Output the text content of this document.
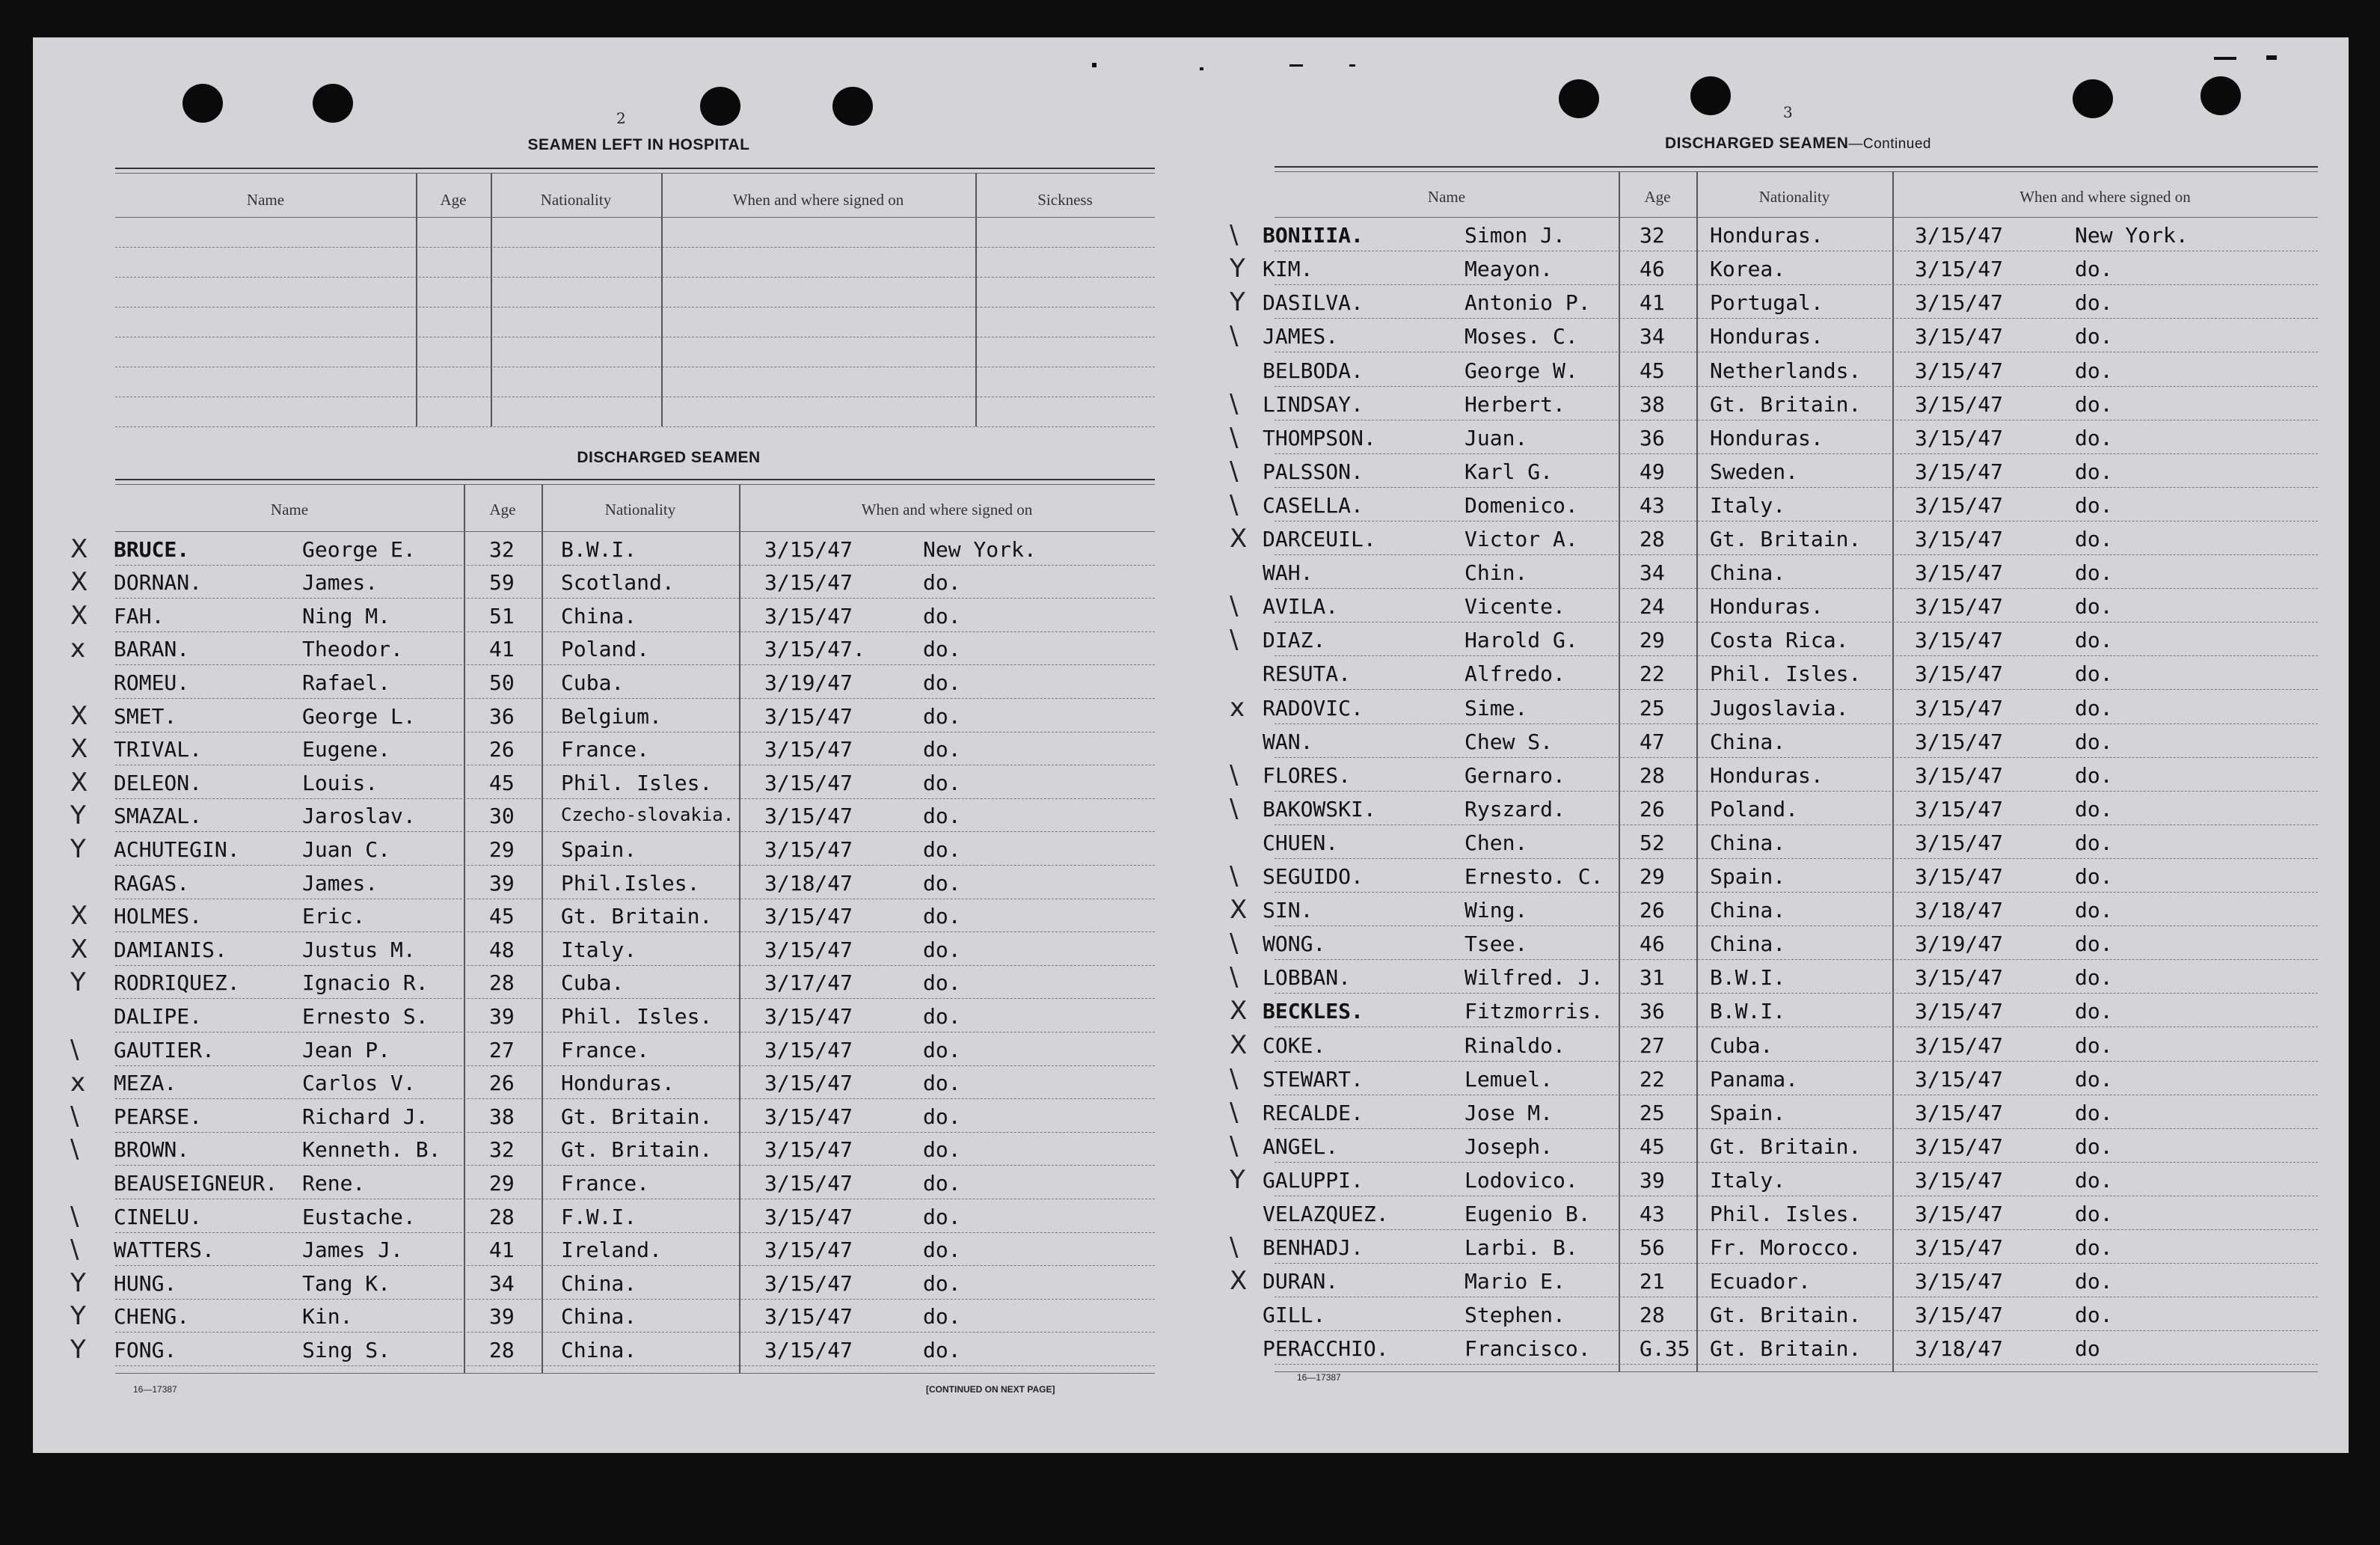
2
SEAMEN LEFT IN HOSPITAL
Name	Age	Nationality	When and where signed on	Sickness
DISCHARGED SEAMEN
Name	Age	Nationality	When and where signed on
X BRUCE.	George E.	32 B.W.I.	3/15/47	New York.
X DORNAN.	James.	59 Scotland.	3/15/47	do.
X FAH.	Ning M.	51 China.	3/15/47	do.
x BARAN.	Theodor.	41 Poland.	3/15/47.	do.
ROMEU.	Rafael.	50 Cuba.	3/19/47	do.
X SMET.	George L.	36 Belgium.	3/15/47	do.
X TRIVAL.	Eugene.	26 France.	3/15/47	do.
X DELEON.	Louis.	45 Phil. Isles. 3/15/47	do.
Y SMAZAL.	Jaroslav.	30	Czecho-slovakia. 3/15/47	do.
Y ACHUTEGIN.	Juan C.	29 Spain.	3/15/47	do.
RAGAS.	James.	39 Phil.Isles.	3/18/47	do.
X HOLMES.	Eric.	45 Gt. Britain. 3/15/47	do.
X DAMIANIS.	Justus M.	48 Italy.	3/15/47	do.
Y RODRIQUEZ.	Ignacio R.	28 Cuba.	3/17/47	do.
DALIPE.	Ernesto S.	39 Phil. Isles. 3/15/47	do.
\ GAUTIER.	Jean P.	27 France.	3/15/47	do.
x MEZA.	Carlos V.	26 Honduras.	3/15/47	do.
\ PEARSE.	Richard J.	38 Gt. Britain. 3/15/47	do.
\ BROWN.	Kenneth. B. 32 Gt. Britain. 3/15/47	do.
BEAUSEIGNEUR. Rene.	29 France.	3/15/47	do.
\ CINELU.	Eustache.	28 F.W.I.	3/15/47	do.
\ WATTERS.	James J.	41 Ireland.	3/15/47	do.
Y HUNG.	Tang K.	34 China.	3/15/47	do.
Y CHENG.	Kin.	39 China.	3/15/47	do.
Y FONG.	Sing S.	28 China.	3/15/47	do.
16—17387	[CONTINUED ON NEXT PAGE]
3
DISCHARGED SEAMEN—Continued
Name	Age	Nationality	When and where signed on
\ BONIIIA.	Simon J.	32 Honduras.	3/15/47	New York.
Y KIM.	Meayon.	46 Korea.	3/15/47	do.
Y DASILVA.	Antonio P. 41 Portugal.	3/15/47	do.
\ JAMES.	Moses. C.	34 Honduras.	3/15/47	do.
BELBODA.	George W.	45 Netherlands.	3/15/47	do.
\ LINDSAY.	Herbert.	38 Gt. Britain.	3/15/47	do.
\ THOMPSON.	Juan.	36 Honduras.	3/15/47	do.
\ PALSSON.	Karl G.	49 Sweden.	3/15/47	do.
\ CASELLA.	Domenico.	43 Italy.	3/15/47	do.
X DARCEUIL.	Victor A.	28 Gt. Britain.	3/15/47	do.
WAH.	Chin.	34 China.	3/15/47	do.
\ AVILA.	Vicente.	24 Honduras.	3/15/47	do.
\ DIAZ.	Harold G.	29 Costa Rica.	3/15/47	do.
RESUTA.	Alfredo.	22 Phil. Isles.	3/15/47	do.
x RADOVIC.	Sime.	25 Jugoslavia.	3/15/47	do.
WAN.	Chew S.	47 China.	3/15/47	do.
\ FLORES.	Gernaro.	28 Honduras.	3/15/47	do.
\ BAKOWSKI.	Ryszard.	26 Poland.	3/15/47	do.
CHUEN.	Chen.	52 China.	3/15/47	do.
\ SEGUIDO.	Ernesto. C. 29 Spain.	3/15/47	do.
X SIN.	Wing.	26 China.	3/18/47	do.
\ WONG.	Tsee.	46 China.	3/19/47	do.
\ LOBBAN.	Wilfred. J. 31 B.W.I.	3/15/47	do.
X BECKLES.	Fitzmorris. 36 B.W.I.	3/15/47	do.
X COKE.	Rinaldo.	27 Cuba.	3/15/47	do.
\ STEWART.	Lemuel.	22 Panama.	3/15/47	do.
\ RECALDE.	Jose M.	25 Spain.	3/15/47	do.
\ ANGEL.	Joseph.	45 Gt. Britain.	3/15/47	do.
Y GALUPPI.	Lodovico.	39 Italy.	3/15/47	do.
VELAZQUEZ.	Eugenio B. 43 Phil. Isles.	3/15/47	do.
\ BENHADJ.	Larbi. B.	56 Fr. Morocco.	3/15/47	do.
X DURAN.	Mario E.	21 Ecuador.	3/15/47	do.
GILL.	Stephen.	28 Gt. Britain.	3/15/47	do.
PERACCHIO.	Francisco. G.35 Gt. Britain.	3/18/47	do
16—17387
